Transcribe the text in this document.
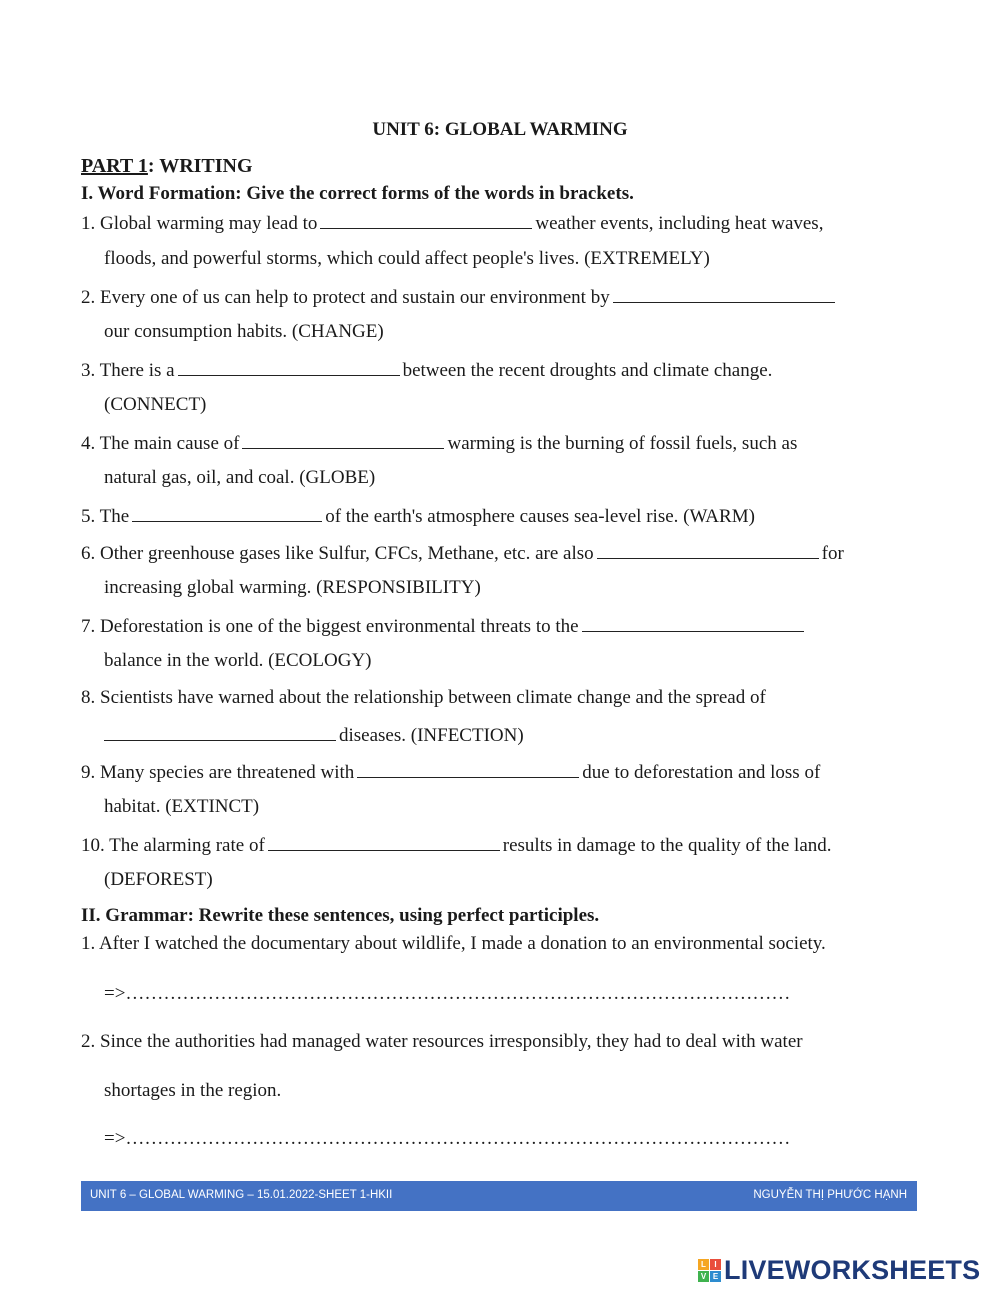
UNIT 6: GLOBAL WARMING
PART 1: WRITING
I. Word Formation: Give the correct forms of the words in brackets.
1. Global warming may lead to	weather events, including heat waves,
floods, and powerful storms, which could affect people's lives. (EXTREMELY)
2. Every one of us can help to protect and sustain our environment by
our consumption habits. (CHANGE)
3. There is a	between the recent droughts and climate change.
(CONNECT)
4. The main cause of	warming is the burning of fossil fuels, such as
natural gas, oil, and coal. (GLOBE)
5. The	of the earth's atmosphere causes sea-level rise. (WARM)
6. Other greenhouse gases like Sulfur, CFCs, Methane, etc. are also	for
increasing global warming. (RESPONSIBILITY)
7. Deforestation is one of the biggest environmental threats to the
balance in the world. (ECOLOGY)
8. Scientists have warned about the relationship between climate change and the spread of
diseases. (INFECTION)
9. Many species are threatened with	due to deforestation and loss of
habitat. (EXTINCT)
10. The alarming rate of	results in damage to the quality of the land.
(DEFOREST)
II. Grammar: Rewrite these sentences, using perfect participles.
1. After I watched the documentary about wildlife, I made a donation to an environmental society.
=>……………………………………………………………………………………………
2. Since the authorities had managed water resources irresponsibly, they had to deal with water
shortages in the region.
=>……………………………………………………………………………………………
UNIT 6 – GLOBAL WARMING – 15.01.2022-SHEET 1-HKII	NGUYỄN THỊ PHƯỚC HẠNH
L	I
V E LIVEWORKSHEETS
